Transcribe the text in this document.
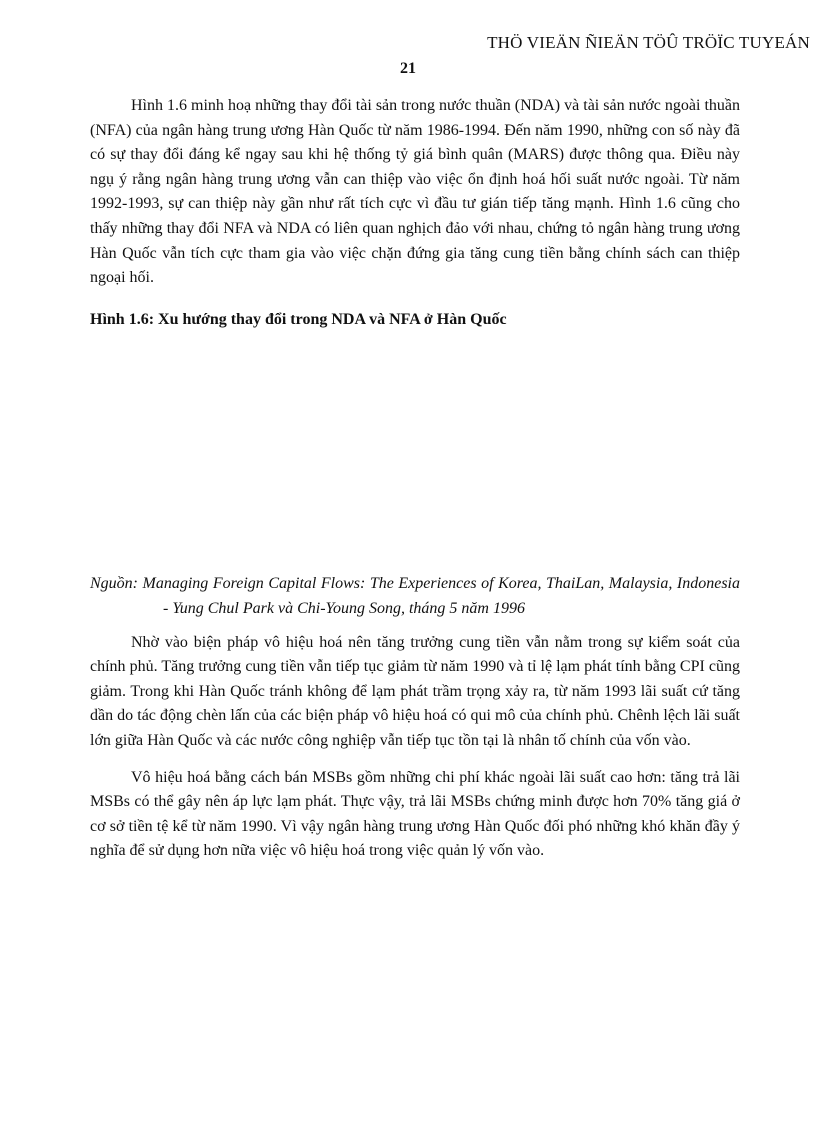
THÖ VIEÄN ÑIEÄN TÖÛ TRÖÏC TUYEÁN
21

Hình 1.6 minh hoạ những thay đổi tài sản trong nước thuần (NDA) và tài sản nước ngoài thuần (NFA) của ngân hàng trung ương Hàn Quốc từ năm 1986-1994. Đến năm 1990, những con số này đã có sự thay đổi đáng kể ngay sau khi hệ thống tỷ giá bình quân (MARS) được thông qua. Điều này ngụ ý rằng ngân hàng trung ương vẫn can thiệp vào việc ổn định hoá hối suất nước ngoài. Từ năm 1992-1993, sự can thiệp này gần như rất tích cực vì đầu tư gián tiếp tăng mạnh. Hình 1.6 cũng cho thấy những thay đổi NFA và NDA có liên quan nghịch đảo với nhau, chứng tỏ ngân hàng trung ương Hàn Quốc vẫn tích cực tham gia vào việc chặn đứng gia tăng cung tiền bằng chính sách can thiệp ngoại hối.

Hình 1.6: Xu hướng thay đổi trong NDA và NFA ở Hàn Quốc

Nguồn: Managing Foreign Capital Flows: The Experiences of Korea, ThaiLan, Malaysia, Indonesia - Yung Chul Park và Chi-Young Song, tháng 5 năm 1996

Nhờ vào biện pháp vô hiệu hoá nên tăng trưởng cung tiền vẫn nằm trong sự kiểm soát của chính phủ. Tăng trưởng cung tiền vẫn tiếp tục giảm từ năm 1990 và tỉ lệ lạm phát tính bằng CPI cũng giảm. Trong khi Hàn Quốc tránh không để lạm phát trầm trọng xảy ra, từ năm 1993 lãi suất cứ tăng dần do tác động chèn lấn của các biện pháp vô hiệu hoá có qui mô của chính phủ. Chênh lệch lãi suất lớn giữa Hàn Quốc và các nước công nghiệp vẫn tiếp tục tồn tại là nhân tố chính của vốn vào.

Vô hiệu hoá bằng cách bán MSBs gồm những chi phí khác ngoài lãi suất cao hơn: tăng trả lãi MSBs có thể gây nên áp lực lạm phát. Thực vậy, trả lãi MSBs chứng minh được hơn 70% tăng giá ở cơ sở tiền tệ kể từ năm 1990. Vì vậy ngân hàng trung ương Hàn Quốc đối phó những khó khăn đầy ý nghĩa để sử dụng hơn nữa việc vô hiệu hoá trong việc quản lý vốn vào.
